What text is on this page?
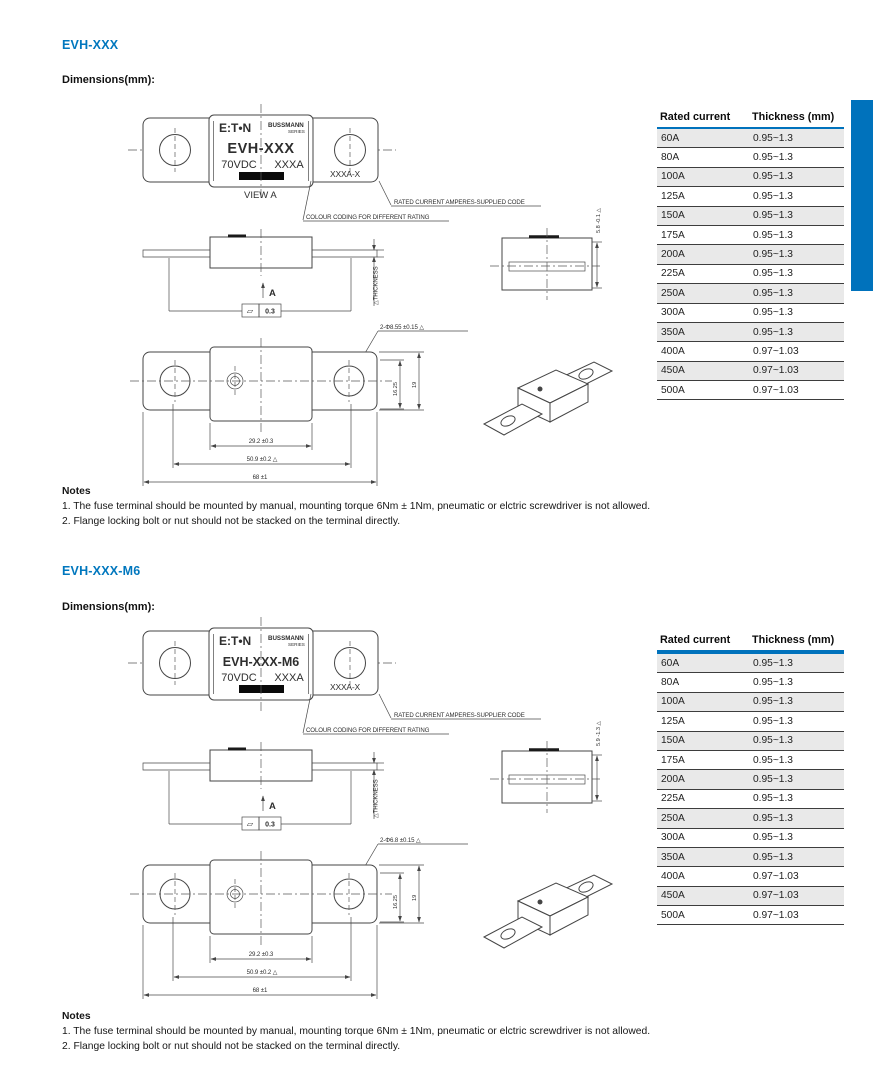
EVH-XXX
Dimensions(mm):
E:T•N	BUSSMANN
SERIES
EVH-XXX
70VDC XXXA
XXXA-X
VIEW A
COLOUR CODING FOR DIFFERENT RATING
RATED CURRENT AMPERES-SUPPLIED CODE
5.8 -0.1 △
▱ 0.3
A	△THICKNESS
2-Φ8.55 ±0.15 △
16.25 19
29.2 ±0.3
50.9 ±0.2 △
68 ±1
Rated current	Thickness (mm)
60A	0.95~1.3
80A	0.95~1.3
100A	0.95~1.3
125A	0.95~1.3
150A	0.95~1.3
175A	0.95~1.3
200A	0.95~1.3
225A	0.95~1.3
250A	0.95~1.3
300A	0.95~1.3
350A	0.95~1.3
400A	0.97~1.03
450A	0.97~1.03
500A	0.97~1.03
Notes
1. The fuse terminal should be mounted by manual, mounting torque 6Nm ± 1Nm, pneumatic or elctric screwdriver is not allowed.
2. Flange locking bolt or nut should not be stacked on the terminal directly.
EVH-XXX-M6
Dimensions(mm):
E:T•N	BUSSMANN
SERIES
EVH-XXX-M6
70VDC XXXA
XXXA-X
COLOUR CODING FOR DIFFERENT RATING
RATED CURRENT AMPERES-SUPPLIER CODE
5.9 -1.3 △
▱ 0.3
A	△THICKNESS
2-Φ6.8 ±0.15 △
16.25 19
29.2 ±0.3
50.9 ±0.2 △
68 ±1
Rated current	Thickness (mm)
60A	0.95~1.3
80A	0.95~1.3
100A	0.95~1.3
125A	0.95~1.3
150A	0.95~1.3
175A	0.95~1.3
200A	0.95~1.3
225A	0.95~1.3
250A	0.95~1.3
300A	0.95~1.3
350A	0.95~1.3
400A	0.97~1.03
450A	0.97~1.03
500A	0.97~1.03
Notes
1. The fuse terminal should be mounted by manual, mounting torque 6Nm ± 1Nm, pneumatic or elctric screwdriver is not allowed.
2. Flange locking bolt or nut should not be stacked on the terminal directly.
